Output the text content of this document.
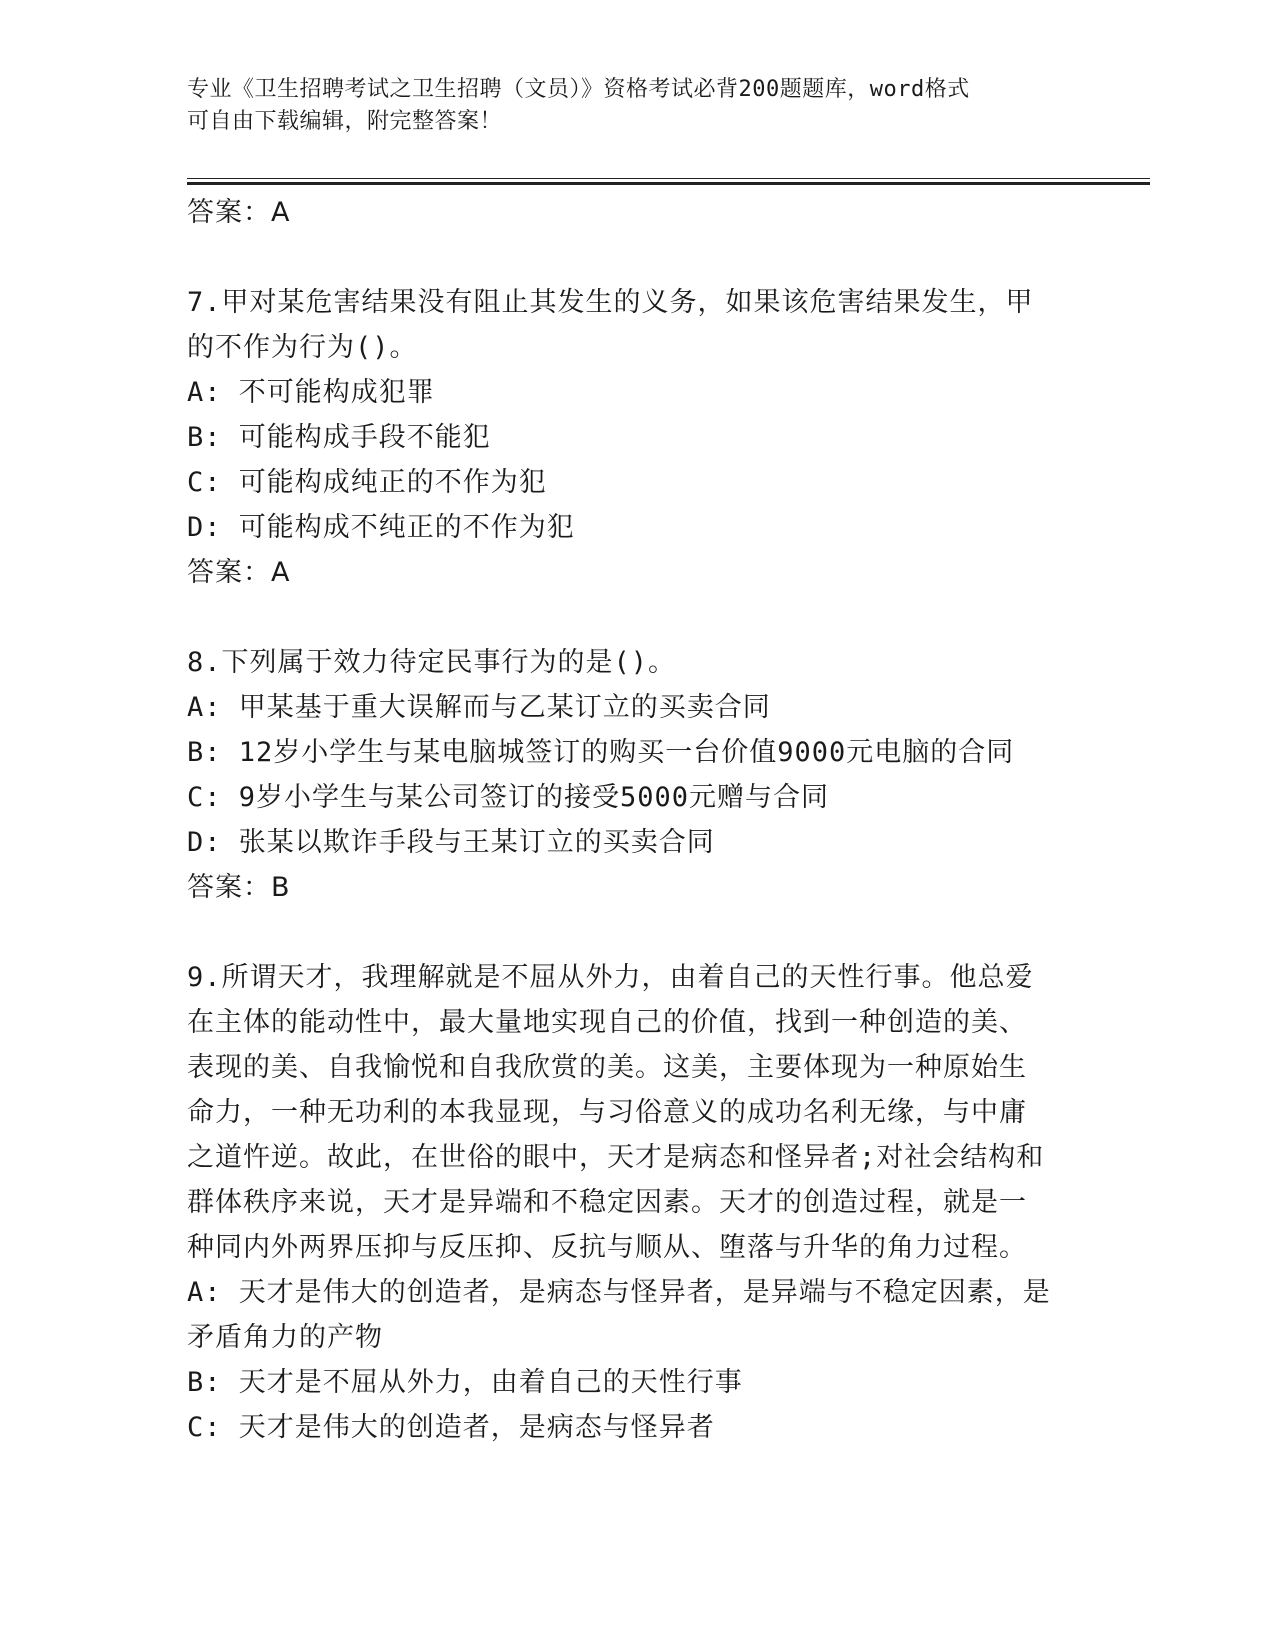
专业《卫生招聘考试之卫生招聘（文员）》资格考试必背200题题库，word格式
可自由下载编辑，附完整答案！
答案：A
7.甲对某危害结果没有阻止其发生的义务，如果该危害结果发生，甲
的不作为行为()。
A: 不可能构成犯罪
B: 可能构成手段不能犯
C: 可能构成纯正的不作为犯
D: 可能构成不纯正的不作为犯
答案：A
8.下列属于效力待定民事行为的是()。
A: 甲某基于重大误解而与乙某订立的买卖合同
B: 12岁小学生与某电脑城签订的购买一台价值9000元电脑的合同
C: 9岁小学生与某公司签订的接受5000元赠与合同
D: 张某以欺诈手段与王某订立的买卖合同
答案：B
9.所谓天才，我理解就是不屈从外力，由着自己的天性行事。他总爱
在主体的能动性中，最大量地实现自己的价值，找到一种创造的美、
表现的美、自我愉悦和自我欣赏的美。这美，主要体现为一种原始生
命力，一种无功利的本我显现，与习俗意义的成功名利无缘，与中庸
之道忤逆。故此，在世俗的眼中，天才是病态和怪异者;对社会结构和
群体秩序来说，天才是异端和不稳定因素。天才的创造过程，就是一
种同内外两界压抑与反压抑、反抗与顺从、堕落与升华的角力过程。
A: 天才是伟大的创造者，是病态与怪异者，是异端与不稳定因素，是
矛盾角力的产物
B: 天才是不屈从外力，由着自己的天性行事
C: 天才是伟大的创造者，是病态与怪异者
